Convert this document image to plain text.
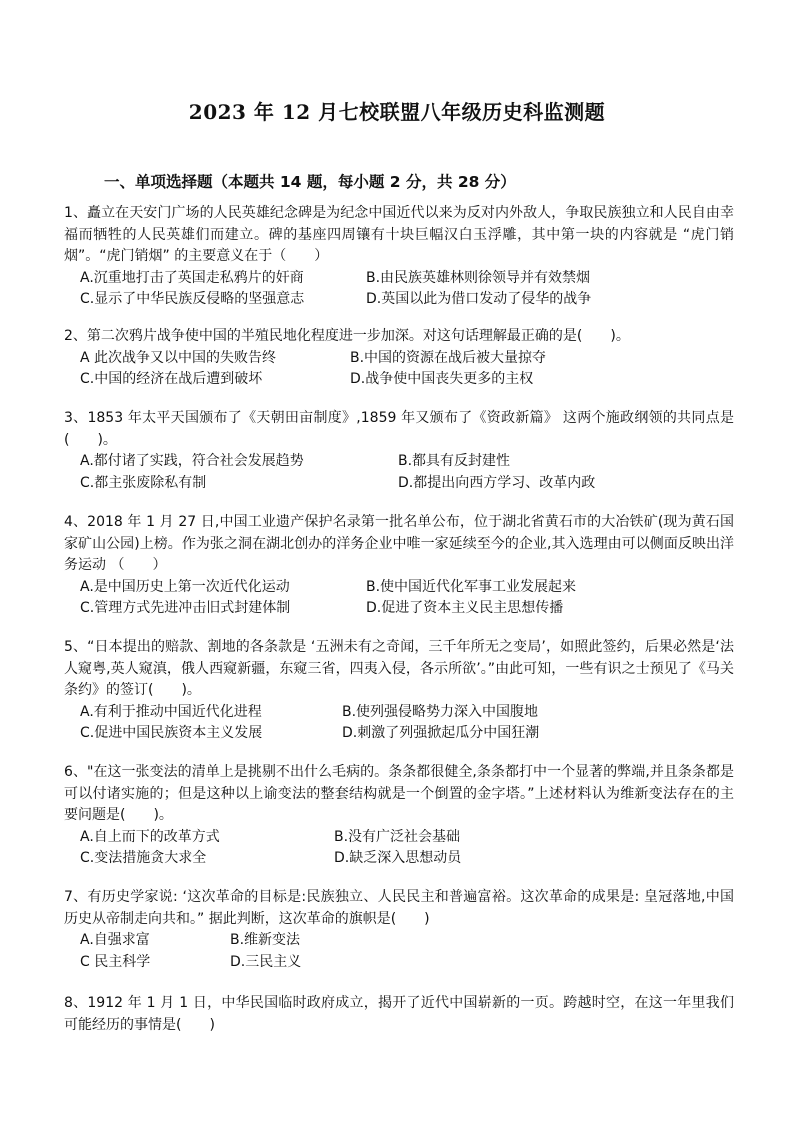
2023 年 12 月七校联盟八年级历史科监测题
一、单项选择题（本题共 14 题，每小题 2 分，共 28 分）
1、矗立在天安门广场的人民英雄纪念碑是为纪念中国近代以来为反对内外敌人，争取民族独立和人民自由幸福而牺牲的人民英雄们而建立。碑的基座四周镶有十块巨幅汉白玉浮雕，其中第一块的内容就是 “虎门销烟”。“虎门销烟” 的主要意义在于（　　）
A.沉重地打击了英国走私鸦片的奸商	B.由民族英雄林则徐领导并有效禁烟
C.显示了中华民族反侵略的坚强意志	D.英国以此为借口发动了侵华的战争
2、第二次鸦片战争使中国的半殖民地化程度进一步加深。对这句话理解最正确的是(　　)。
A 此次战争又以中国的失败告终	B.中国的资源在战后被大量掠夺
C.中国的经济在战后遭到破坏	D.战争使中国丧失更多的主权
3、1853 年太平天国颁布了《天朝田亩制度》,1859 年又颁布了《资政新篇》 这两个施政纲领的共同点是(　　)。
A.都付诸了实践，符合社会发展趋势	B.都具有反封建性
C.都主张废除私有制	D.都提出向西方学习、改革内政
4、2018 年 1 月 27 日,中国工业遗产保护名录第一批名单公布，位于湖北省黄石市的大冶铁矿(现为黄石国家矿山公园)上榜。作为张之洞在湖北创办的洋务企业中唯一家延续至今的企业,其入选理由可以侧面反映出洋务运动 （　　）
A.是中国历史上第一次近代化运动	B.使中国近代化军事工业发展起来
C.管理方式先进冲击旧式封建体制	D.促进了资本主义民主思想传播
5、“日本提出的赔款、割地的各条款是 ‘五洲未有之奇闻，三千年所无之变局’，如照此签约，后果必然是‘法人窥粤,英人窥滇，俄人西窥新疆，东窥三省，四夷入侵，各示所欲’。”由此可知，一些有识之士预见了《马关条约》的签订(　　)。
A.有利于推动中国近代化进程	B.使列强侵略势力深入中国腹地
C.促进中国民族资本主义发展	D.刺激了列强掀起瓜分中国狂潮
6、"在这一张变法的清单上是挑剔不出什么毛病的。条条都很健全,条条都打中一个显著的弊端,并且条条都是可以付诸实施的；但是这种以上谕变法的整套结构就是一个倒置的金字塔。”上述材料认为维新变法存在的主要问题是(　　)。
A.自上而下的改革方式	B.没有广泛社会基础
C.变法措施贪大求全	D.缺乏深入思想动员
7、有历史学家说: ‘这次革命的目标是:民族独立、人民民主和普遍富裕。这次革命的成果是: 皇冠落地,中国历史从帝制走向共和。” 据此判断，这次革命的旗帜是(　　)
A.自强求富	B.维新变法
C 民主科学	D.三民主义
8、1912 年 1 月 1 日，中华民国临时政府成立，揭开了近代中国崭新的一页。跨越时空，在这一年里我们可能经历的事情是(　　)
